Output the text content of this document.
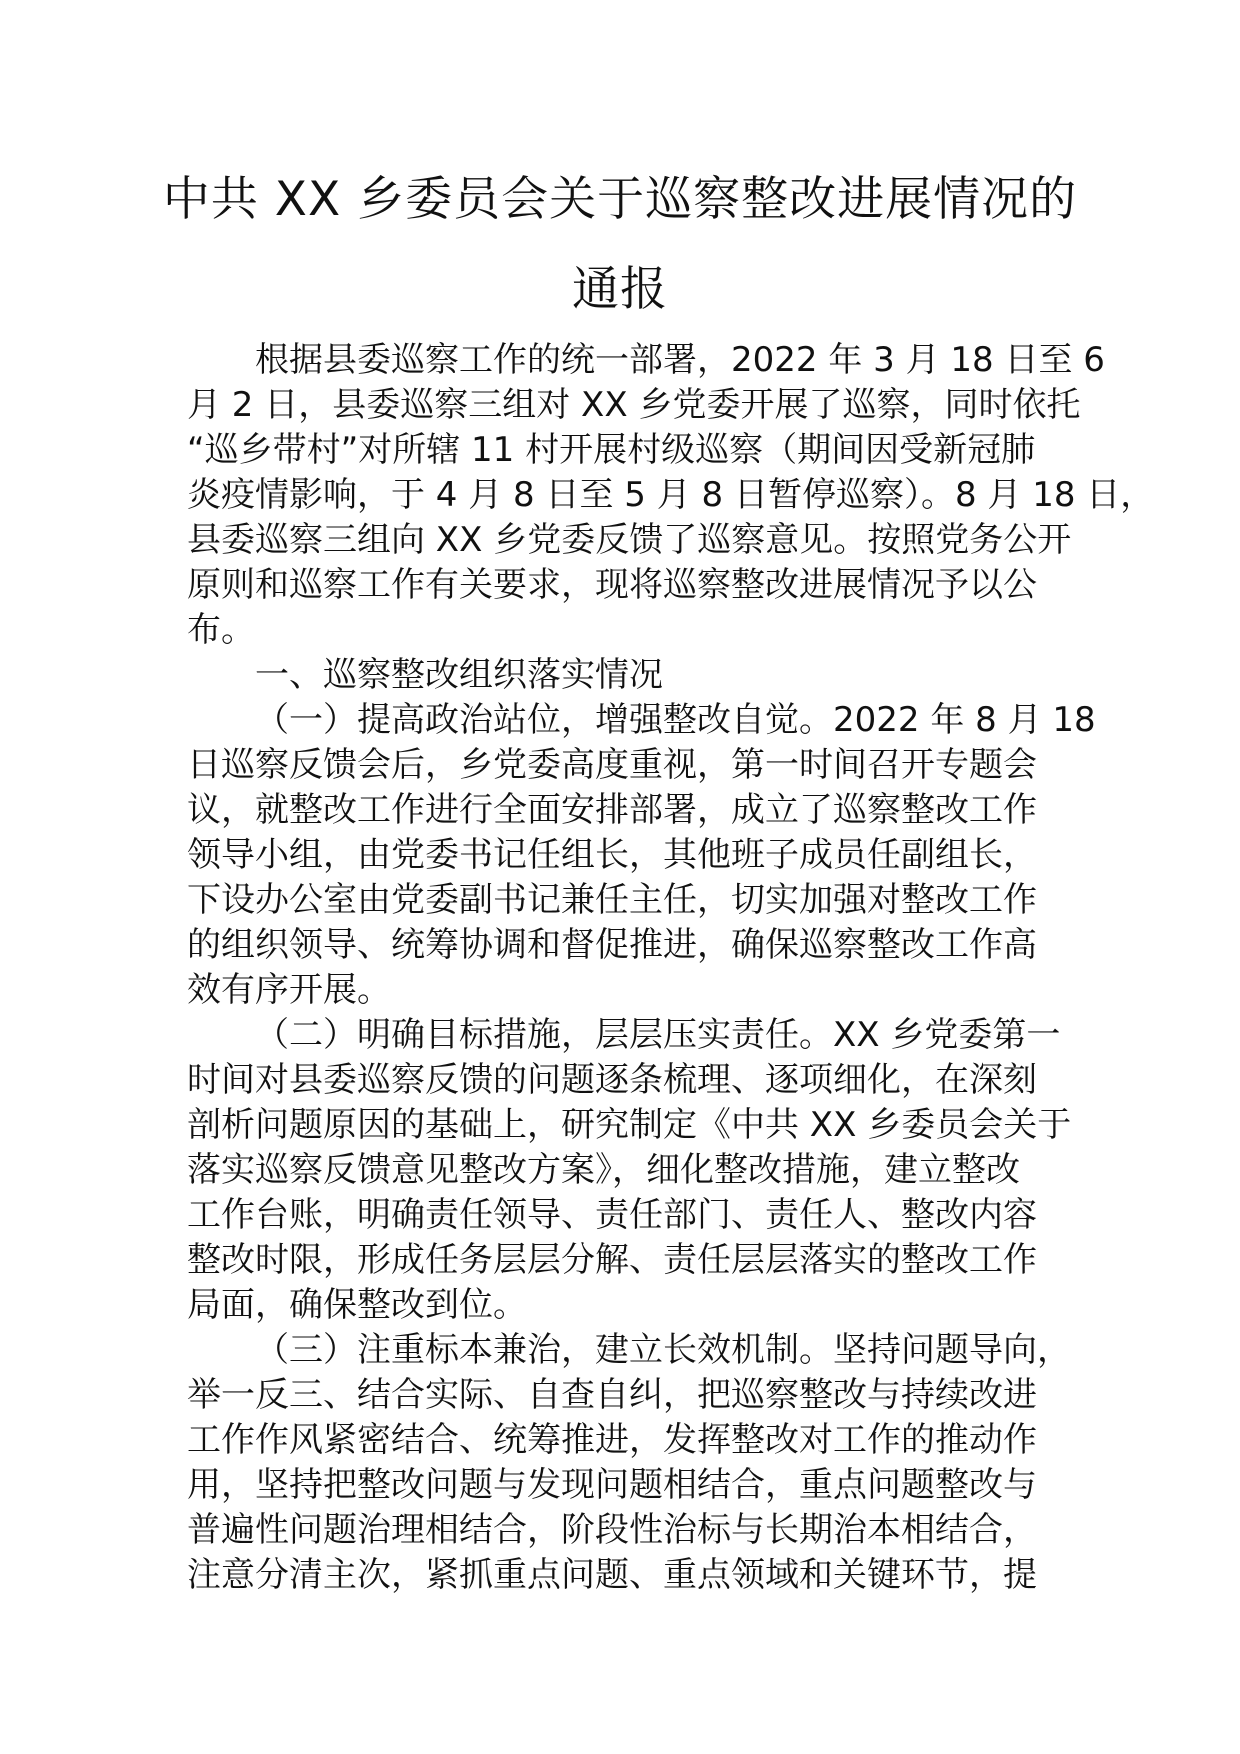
中共 XX 乡委员会关于巡察整改进展情况的
通报
根据县委巡察工作的统一部署，2022 年 3 月 18 日至 6
月 2 日，县委巡察三组对 XX 乡党委开展了巡察，同时依托
“巡乡带村”对所辖 11 村开展村级巡察（期间因受新冠肺
炎疫情影响，于 4 月 8 日至 5 月 8 日暂停巡察）。8 月 18 日，
县委巡察三组向 XX 乡党委反馈了巡察意见。按照党务公开
原则和巡察工作有关要求，现将巡察整改进展情况予以公
布。
一、巡察整改组织落实情况
（一）提高政治站位，增强整改自觉。2022 年 8 月 18
日巡察反馈会后，乡党委高度重视，第一时间召开专题会
议，就整改工作进行全面安排部署，成立了巡察整改工作
领导小组，由党委书记任组长，其他班子成员任副组长，
下设办公室由党委副书记兼任主任，切实加强对整改工作
的组织领导、统筹协调和督促推进，确保巡察整改工作高
效有序开展。
（二）明确目标措施，层层压实责任。XX 乡党委第一
时间对县委巡察反馈的问题逐条梳理、逐项细化，在深刻
剖析问题原因的基础上，研究制定《中共 XX 乡委员会关于
落实巡察反馈意见整改方案》，细化整改措施，建立整改
工作台账，明确责任领导、责任部门、责任人、整改内容
整改时限，形成任务层层分解、责任层层落实的整改工作
局面，确保整改到位。
（三）注重标本兼治，建立长效机制。坚持问题导向，
举一反三、结合实际、自查自纠，把巡察整改与持续改进
工作作风紧密结合、统筹推进，发挥整改对工作的推动作
用，坚持把整改问题与发现问题相结合，重点问题整改与
普遍性问题治理相结合，阶段性治标与长期治本相结合，
注意分清主次，紧抓重点问题、重点领域和关键环节，提
